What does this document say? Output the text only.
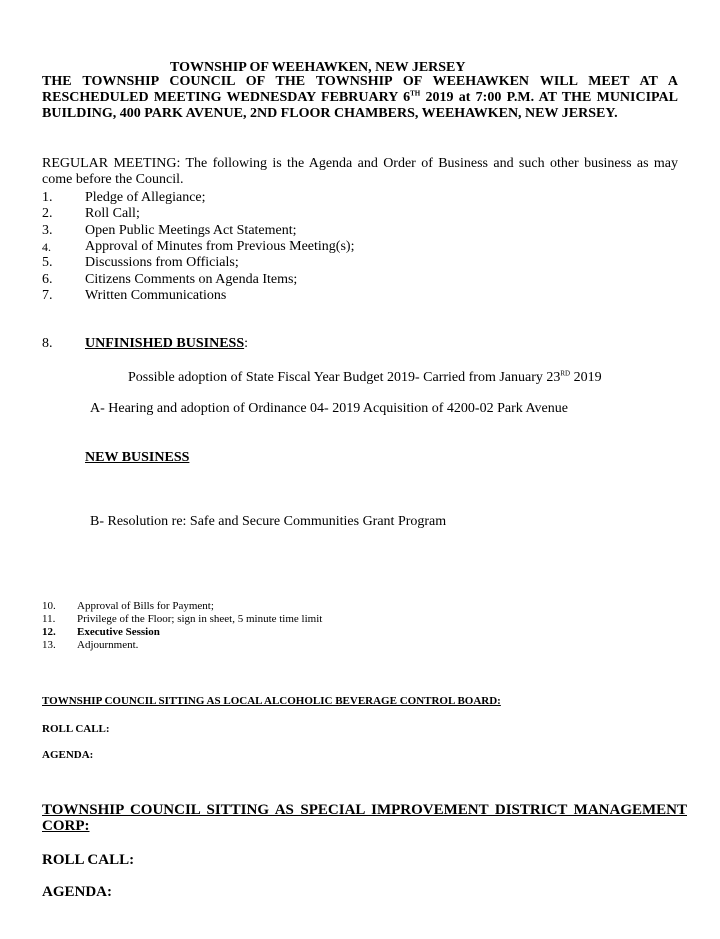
TOWNSHIP OF WEEHAWKEN, NEW JERSEY
THE TOWNSHIP COUNCIL OF THE TOWNSHIP OF WEEHAWKEN WILL MEET AT A RESCHEDULED MEETING WEDNESDAY FEBRUARY 6TH 2019 at 7:00 P.M. AT THE MUNICIPAL BUILDING, 400 PARK AVENUE, 2ND FLOOR CHAMBERS, WEEHAWKEN, NEW JERSEY.
REGULAR MEETING: The following is the Agenda and Order of Business and such other business as may come before the Council.
1. Pledge of Allegiance;
2. Roll Call;
3. Open Public Meetings Act Statement;
4. Approval of Minutes from Previous Meeting(s);
5. Discussions from Officials;
6. Citizens Comments on Agenda Items;
7. Written Communications
8. UNFINISHED BUSINESS:
Possible adoption of State Fiscal Year Budget 2019- Carried from January 23RD 2019
A- Hearing and adoption of Ordinance 04- 2019 Acquisition of 4200-02 Park Avenue
NEW BUSINESS
B- Resolution re: Safe and Secure Communities Grant Program
10. Approval of Bills for Payment;
11. Privilege of the Floor; sign in sheet, 5 minute time limit
12. Executive Session
13. Adjournment.
TOWNSHIP COUNCIL SITTING AS LOCAL ALCOHOLIC BEVERAGE CONTROL BOARD:
ROLL CALL:
AGENDA:
TOWNSHIP COUNCIL SITTING AS SPECIAL IMPROVEMENT DISTRICT MANAGEMENT CORP:
ROLL CALL:
AGENDA:
